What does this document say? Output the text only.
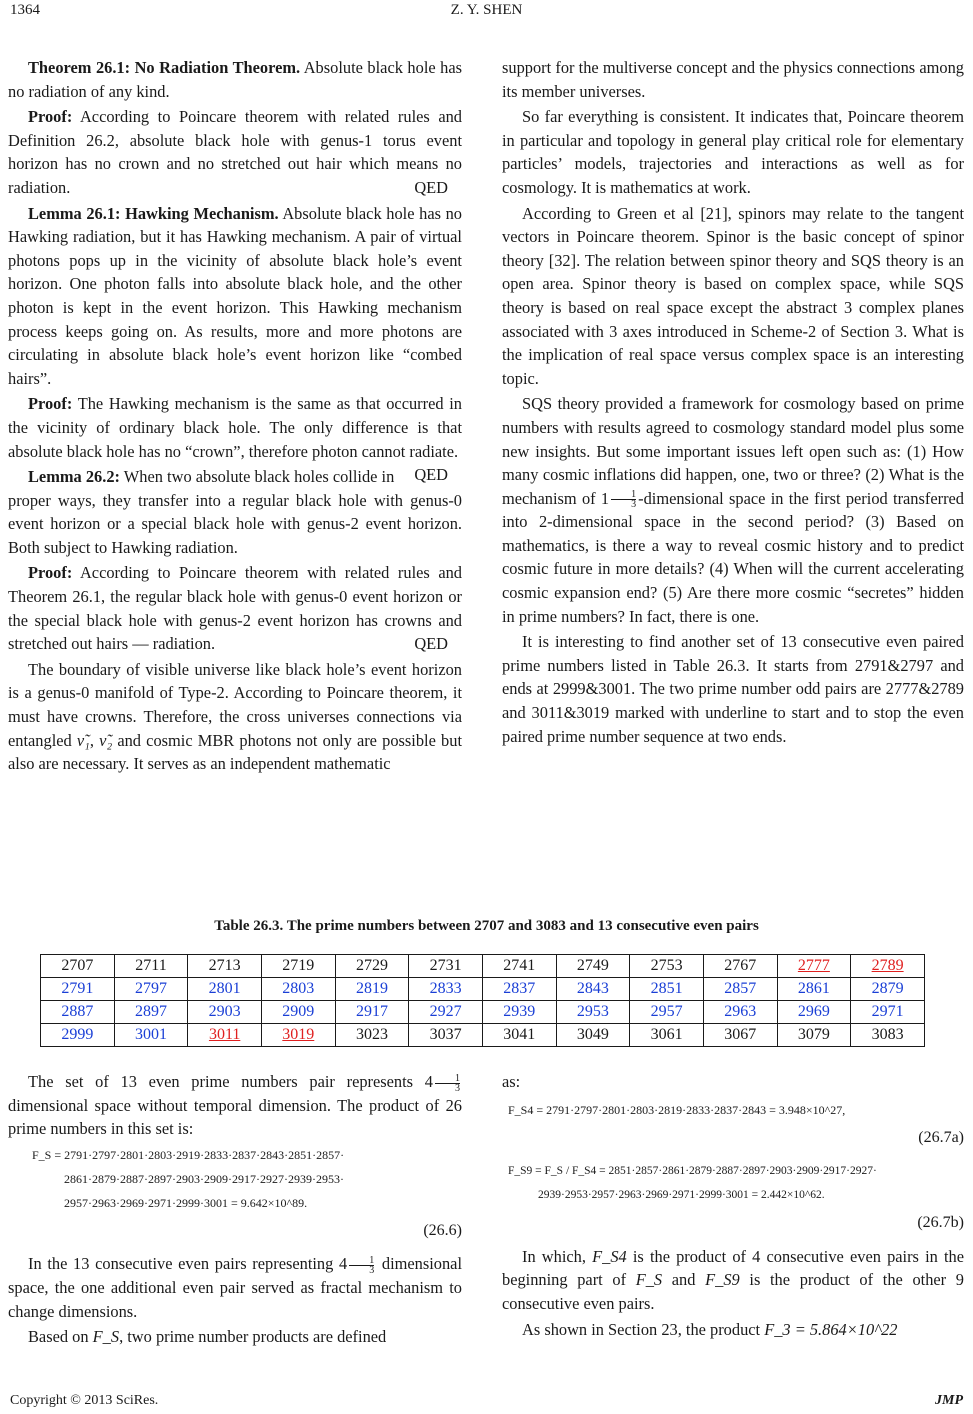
1364	Z. Y. SHEN

Theorem 26.1: No Radiation Theorem. Absolute black hole has no radiation of any kind.

Proof: According to Poincare theorem with related rules and Definition 26.2, absolute black hole with genus-1 torus event horizon has no crown and no stretched out hair which means no radiation.	QED

Lemma 26.1: Hawking Mechanism. Absolute black hole has no Hawking radiation, but it has Hawking mechanism. A pair of virtual photons pops up in the vicinity of absolute black hole’s event horizon. One photon falls into absolute black hole, and the other photon is kept in the event horizon. This Hawking mechanism process keeps going on. As results, more and more photons are circulating in absolute black hole’s event horizon like “combed hairs”.

Proof: The Hawking mechanism is the same as that occurred in the vicinity of ordinary black hole. The only difference is that absolute black hole has no “crown”, therefore photon cannot radiate.
QED

Lemma 26.2: When two absolute black holes collide in proper ways, they transfer into a regular black hole with genus-0 event horizon or a special black hole with genus-2 event horizon. Both subject to Hawking radiation.

Proof: According to Poincare theorem with related rules and Theorem 26.1, the regular black hole with genus-0 event horizon or the special black hole with genus-2 event horizon has crowns and stretched out hairs — radiation.	QED

The boundary of visible universe like black hole’s event horizon is a genus-0 manifold of Type-2. According to Poincare theorem, it must have crowns. Therefore, the cross universes connections via entangled ν̃₁, ν̃₂ and cosmic MBR photons not only are possible but also are necessary. It serves as an independent mathematic

support for the multiverse concept and the physics connections among its member universes.

So far everything is consistent. It indicates that, Poincare theorem in particular and topology in general play critical role for elementary particles’ models, trajectories and interactions as well as for cosmology. It is mathematics at work.

According to Green et al [21], spinors may relate to the tangent vectors in Poincare theorem. Spinor is the basic concept of spinor theory [32]. The relation between spinor theory and SQS theory is an open area. Spinor theory is based on complex space, while SQS theory is based on real space except the abstract 3 complex planes associated with 3 axes introduced in Scheme-2 of Section 3. What is the implication of real space versus complex space is an interesting topic.

SQS theory provided a framework for cosmology based on prime numbers with results agreed to cosmology standard model plus some new insights. But some important issues left open such as: (1) How many cosmic inflations did happen, one, two or three? (2) What is the mechanism of $1 \frac{1}{3}$ -dimensional space in the first period transferred into 2-dimensional space in the second period? (3) Based on mathematics, is there a way to reveal cosmic history and to predict cosmic future in more details? (4) When will the current accelerating cosmic expansion end? (5) Are there more cosmic “secretes” hidden in prime numbers? In fact, there is one.

It is interesting to find another set of 13 consecutive even paired prime numbers listed in Table 26.3. It starts from 2791&2797 and ends at 2999&3001. The two prime number odd pairs are 2777&2789 and 3011&3019 marked with underline to start and to stop the even paired prime number sequence at two ends.

Table 26.3. The prime numbers between 2707 and 3083 and 13 consecutive even pairs
2707	2711	2713	2719	2729	2731	2741	2749	2753	2767	2777	2789
2791	2797	2801	2803	2819	2833	2837	2843	2851	2857	2861	2879
2887	2897	2903	2909	2917	2927	2939	2953	2957	2963	2969	2971
2999	3001	3011	3019	3023	3037	3041	3049	3061	3067	3079	3083

The set of 13 even prime numbers pair represents $4 \frac{1}{3}$
dimensional space without temporal dimension. The product of 26 prime numbers in this set is:

F_S = 2791·2797·2801·2803·2919·2833·2837·2843·2851·2857·
2861·2879·2887·2897·2903·2909·2917·2927·2939·2953·
2957·2963·2969·2971·2999·3001 = 9.642×10^89.
(26.6)

In the 13 consecutive even pairs representing $4 \frac{1}{3}$ dimensional space, the one additional even pair served as fractal mechanism to change dimensions.

Based on F_S, two prime number products are defined

as:

F_S4 = 2791·2797·2801·2803·2819·2833·2837·2843 = 3.948×10^27,
(26.7a)
F_S9 = F_S / F_S4 = 2851·2857·2861·2879·2887·2897·2903·2909·2917·2927·
2939·2953·2957·2963·2969·2971·2999·3001 = 2.442×10^62.
(26.7b)

In which, F_S4 is the product of 4 consecutive even pairs in the beginning part of F_S and F_S9 is the product of the other 9 consecutive even pairs.

As shown in Section 23, the product F_3 = 5.864×10^22

Copyright © 2013 SciRes.	JMP
